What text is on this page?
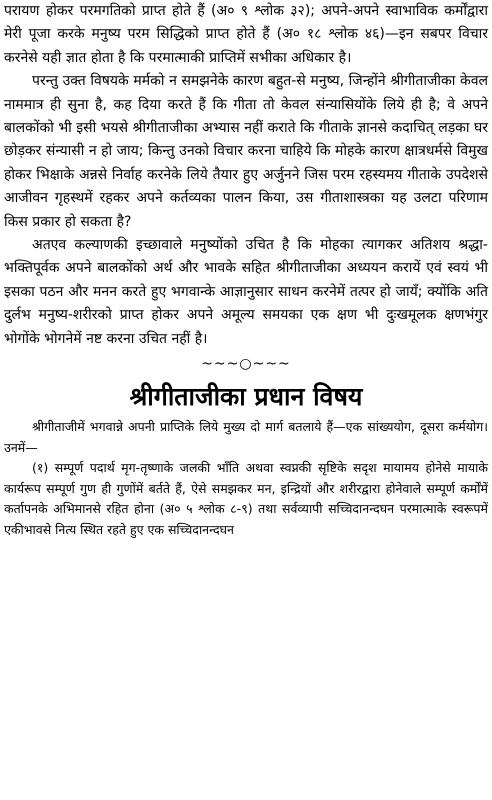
परायण होकर परमगतिको प्राप्त होते हैं (अ० ९ श्लोक ३२); अपने-अपने स्वाभाविक कर्मोंद्वारा मेरी पूजा करके मनुष्य परम सिद्धिको प्राप्त होते हैं (अ० १८ श्लोक ४६)—इन सबपर विचार करनेसे यही ज्ञात होता है कि परमात्माकी प्राप्तिमें सभीका अधिकार है।

परन्तु उक्त विषयके मर्मको न समझनेके कारण बहुत-से मनुष्य, जिन्होंने श्रीगीताजीका केवल नाममात्र ही सुना है, कह दिया करते हैं कि गीता तो केवल संन्यासियोंके लिये ही है; वे अपने बालकोंको भी इसी भयसे श्रीगीताजीका अभ्यास नहीं कराते कि गीताके ज्ञानसे कदाचित् लड़का घर छोड़कर संन्यासी न हो जाय; किन्तु उनको विचार करना चाहिये कि मोहके कारण क्षात्रधर्मसे विमुख होकर भिक्षाके अन्नसे निर्वाह करनेके लिये तैयार हुए अर्जुनने जिस परम रहस्यमय गीताके उपदेशसे आजीवन गृहस्थमें रहकर अपने कर्तव्यका पालन किया, उस गीताशास्त्रका यह उलटा परिणाम किस प्रकार हो सकता है?

अतएव कल्याणकी इच्छावाले मनुष्योंको उचित है कि मोहका त्यागकर अतिशय श्रद्धा-भक्तिपूर्वक अपने बालकोंको अर्थ और भावके सहित श्रीगीताजीका अध्ययन करायें एवं स्वयं भी इसका पठन और मनन करते हुए भगवान्के आज्ञानुसार साधन करनेमें तत्पर हो जायँ; क्योंकि अति दुर्लभ मनुष्य-शरीरको प्राप्त होकर अपने अमूल्य समयका एक क्षण भी दुःखमूलक क्षणभंगुर भोगोंके भोगनेमें नष्ट करना उचित नहीं है।

~~~○~~~
श्रीगीताजीका प्रधान विषय

श्रीगीताजीमें भगवान्ने अपनी प्राप्तिके लिये मुख्य दो मार्ग बतलाये हैं—एक सांख्ययोग, दूसरा कर्मयोग। उनमें—

(१) सम्पूर्ण पदार्थ मृग-तृष्णाके जलकी भाँति अथवा स्वप्नकी सृष्टिके सदृश मायामय होनेसे मायाके कार्यरूप सम्पूर्ण गुण ही गुणोंमें बर्तते हैं, ऐसे समझकर मन, इन्द्रियों और शरीरद्वारा होनेवाले सम्पूर्ण कर्मोंमें कर्तापनके अभिमानसे रहित होना (अ० ५ श्लोक ८-९) तथा सर्वव्यापी सच्चिदानन्दघन परमात्माके स्वरूपमें एकीभावसे नित्य स्थित रहते हुए एक सच्चिदानन्दघन
